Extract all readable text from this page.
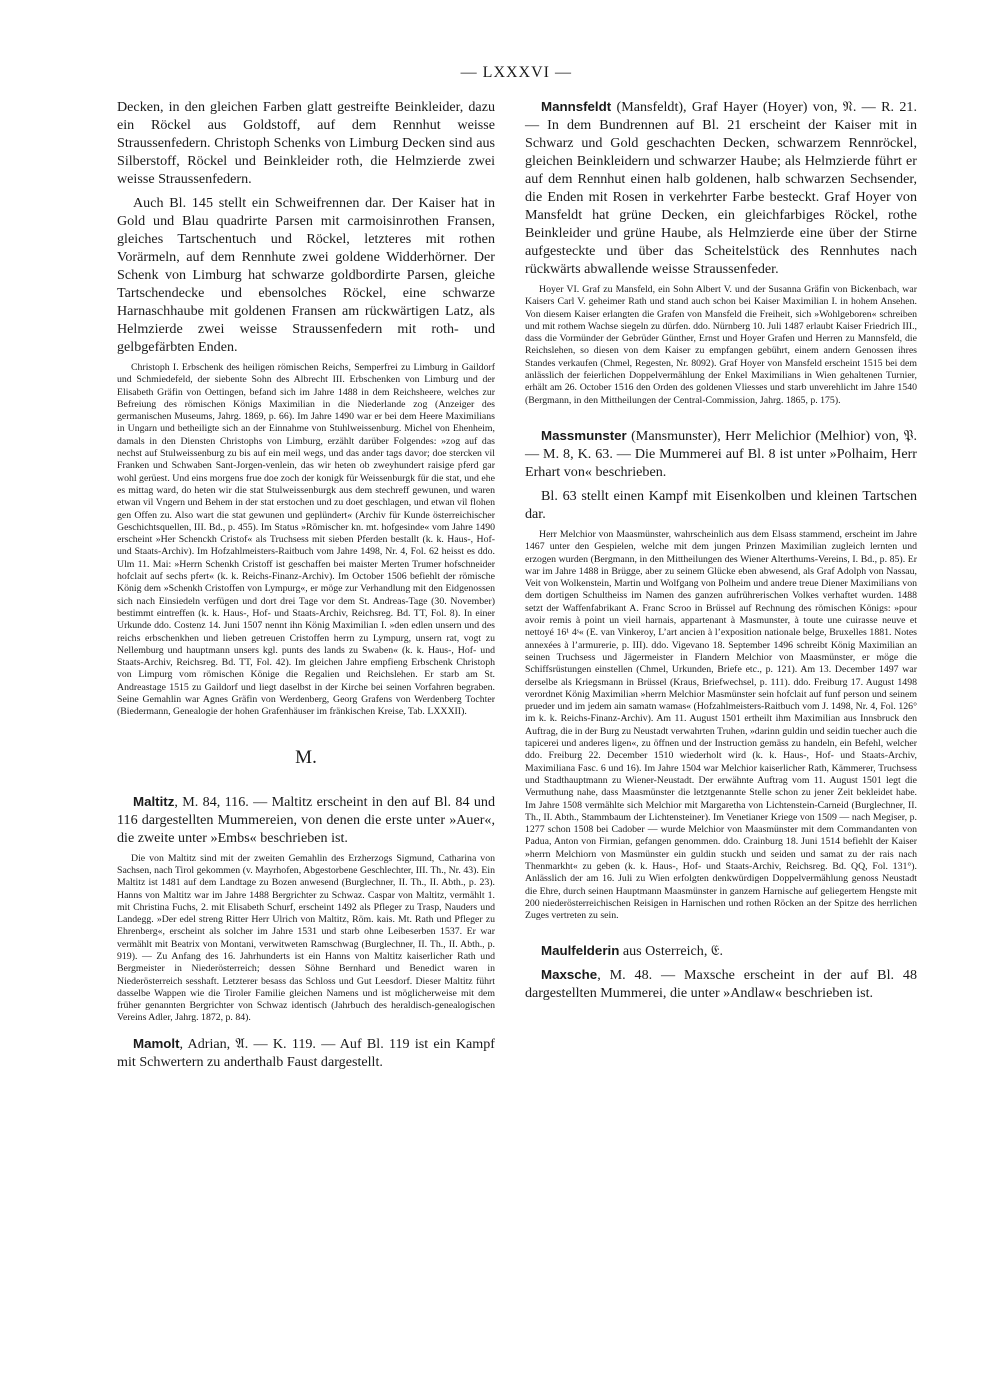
— LXXXVI —

Decken, in den gleichen Farben glatt gestreifte Beinkleider, dazu ein Röckel aus Goldstoff, auf dem Rennhut weisse Straussenfedern. Christoph Schenks von Limburg Decken sind aus Silberstoff, Röckel und Beinkleider roth, die Helmzierde zwei weisse Straussenfedern.

Auch Bl. 145 stellt ein Schweifrennen dar. Der Kaiser hat in Gold und Blau quadrirte Parsen mit carmoisinrothen Fransen, gleiches Tartschentuch und Röckel, letzteres mit rothen Vorärmeln, auf dem Rennhute zwei goldene Widderhörner. Der Schenk von Limburg hat schwarze goldbordirte Parsen, gleiche Tartschendecke und ebensolches Röckel, eine schwarze Harnaschhaube mit goldenen Fransen am rückwärtigen Latz, als Helmzierde zwei weisse Straussenfedern mit roth- und gelbgefärbten Enden.

Christoph I. Erbschenk des heiligen römischen Reichs, Semperfrei zu Limburg in Gaildorf und Schmiedefeld, der siebente Sohn des Albrecht III. Erbschenken von Limburg und der Elisabeth Gräfin von Oettingen, befand sich im Jahre 1488 in dem Reichsheere, welches zur Befreiung des römischen Königs Maximilian in die Niederlande zog (Anzeiger des germanischen Museums, Jahrg. 1869, p. 66). Im Jahre 1490 war er bei dem Heere Maximilians in Ungarn und betheiligte sich an der Einnahme von Stuhlweissenburg. Michel von Ehenheim, damals in den Diensten Christophs von Limburg, erzählt darüber Folgendes: »zog auf das nechst auf Stulweissenburg zu bis auf ein meil wegs, und das ander tags davor; doe stercken vil Franken und Schwaben Sant-Jorgen-venlein, das wir heten ob zweyhundert raisige pferd gar wohl gerüest. Und eins morgens frue doe zoch der konigk für Weissenburgk für die stat, und ehe es mittag ward, do heten wir die stat Stulweissenburgk aus dem stechreff gewunen, und waren etwan vil Vngern und Behem in der stat erstochen und zu doet geschlagen, und etwan vil flohen gen Offen zu. Also wart die stat gewunen und geplündert« (Archiv für Kunde österreichischer Geschichtsquellen, III. Bd., p. 455). Im Status »Römischer kn. mt. hofgesinde« vom Jahre 1490 erscheint »Her Schenckh Cristof« als Truchsess mit sieben Pferden bestallt (k. k. Haus-, Hof- und Staats-Archiv). Im Hofzahlmeisters-Raitbuch vom Jahre 1498, Nr. 4, Fol. 62 heisst es ddo. Ulm 11. Mai: »Herrn Schenkh Cristoff ist geschaffen bei maister Merten Trumer hofschneider hofclait auf sechs pfert« (k. k. Reichs-Finanz-Archiv). Im October 1506 befiehlt der römische König dem »Schenkh Cristoffen von Lympurg«, er möge zur Verhandlung mit den Eidgenossen sich nach Einsiedeln verfügen und dort drei Tage vor dem St. Andreas-Tage (30. November) bestimmt eintreffen (k. k. Haus-, Hof- und Staats-Archiv, Reichsreg. Bd. TT, Fol. 8). In einer Urkunde ddo. Costenz 14. Juni 1507 nennt ihn König Maximilian I. »den edlen unsern und des reichs erbschenkhen und lieben getreuen Cristoffen herrn zu Lympurg, unsern rat, vogt zu Nellemburg und hauptmann unsers kgl. punts des lands zu Swaben« (k. k. Haus-, Hof- und Staats-Archiv, Reichsreg. Bd. TT, Fol. 42). Im gleichen Jahre empfieng Erbschenk Christoph von Limpurg vom römischen Könige die Regalien und Reichslehen. Er starb am St. Andreastage 1515 zu Gaildorf und liegt daselbst in der Kirche bei seinen Vorfahren begraben. Seine Gemahlin war Agnes Gräfin von Werdenberg, Georg Grafens von Werdenberg Tochter (Biedermann, Genealogie der hohen Grafenhäuser im fränkischen Kreise, Tab. LXXXII).

M.

Maltitz, M. 84, 116. — Maltitz erscheint in den auf Bl. 84 und 116 dargestellten Mummereien, von denen die erste unter »Auer«, die zweite unter »Embs« beschrieben ist.

Die von Maltitz sind mit der zweiten Gemahlin des Erzherzogs Sigmund, Catharina von Sachsen, nach Tirol gekommen (v. Mayrhofen, Abgestorbene Geschlechter, III. Th., Nr. 43). Ein Maltitz ist 1481 auf dem Landtage zu Bozen anwesend (Burglechner, II. Th., II. Abth., p. 23). Hanns von Maltitz war im Jahre 1488 Bergrichter zu Schwaz. Caspar von Maltitz, vermählt 1. mit Christina Fuchs, 2. mit Elisabeth Schurf, erscheint 1492 als Pfleger zu Trasp, Nauders und Landegg. »Der edel streng Ritter Herr Ulrich von Maltitz, Röm. kais. Mt. Rath und Pfleger zu Ehrenberg«, erscheint als solcher im Jahre 1531 und starb ohne Leibeserben 1537. Er war vermählt mit Beatrix von Montani, verwitweten Ramschwag (Burglechner, II. Th., II. Abth., p. 919). — Zu Anfang des 16. Jahrhunderts ist ein Hanns von Maltitz kaiserlicher Rath und Bergmeister in Niederösterreich; dessen Söhne Bernhard und Benedict waren in Niederösterreich sesshaft. Letzterer besass das Schloss und Gut Leesdorf. Dieser Maltitz führt dasselbe Wappen wie die Tiroler Familie gleichen Namens und ist möglicherweise mit dem früher genannten Bergrichter von Schwaz identisch (Jahrbuch des heraldisch-genealogischen Vereins Adler, Jahrg. 1872, p. 84).

Mamolt, Adrian, 𝔄. — K. 119. — Auf Bl. 119 ist ein Kampf mit Schwertern zu anderthalb Faust dargestellt.

Mannsfeldt (Mansfeldt), Graf Hayer (Hoyer) von, 𝔑. — R. 21. — In dem Bundrennen auf Bl. 21 erscheint der Kaiser mit in Schwarz und Gold geschachten Decken, schwarzem Rennröckel, gleichen Beinkleidern und schwarzer Haube; als Helmzierde führt er auf dem Rennhut einen halb goldenen, halb schwarzen Sechsender, die Enden mit Rosen in verkehrter Farbe besteckt. Graf Hoyer von Mansfeldt hat grüne Decken, ein gleichfarbiges Röckel, rothe Beinkleider und grüne Haube, als Helmzierde eine über der Stirne aufgesteckte und über das Scheitelstück des Rennhutes nach rückwärts abwallende weisse Straussenfeder.

Hoyer VI. Graf zu Mansfeld, ein Sohn Albert V. und der Susanna Gräfin von Bickenbach, war Kaisers Carl V. geheimer Rath und stand auch schon bei Kaiser Maximilian I. in hohem Ansehen. Von diesem Kaiser erlangten die Grafen von Mansfeld die Freiheit, sich »Wohlgeboren« schreiben und mit rothem Wachse siegeln zu dürfen. ddo. Nürnberg 10. Juli 1487 erlaubt Kaiser Friedrich III., dass die Vormünder der Gebrüder Günther, Ernst und Hoyer Grafen und Herren zu Mannsfeld, die Reichslehen, so diesen von dem Kaiser zu empfangen gebührt, einem andern Genossen ihres Standes verkaufen (Chmel, Regesten, Nr. 8092). Graf Hoyer von Mansfeld erscheint 1515 bei dem anlässlich der feierlichen Doppelvermählung der Enkel Maximilians in Wien gehaltenen Turnier, erhält am 26. October 1516 den Orden des goldenen Vliesses und starb unverehlicht im Jahre 1540 (Bergmann, in den Mittheilungen der Central-Commission, Jahrg. 1865, p. 175).

Massmunster (Mansmunster), Herr Melichior (Melhior) von, 𝔓. — M. 8, K. 63. — Die Mummerei auf Bl. 8 ist unter »Polhaim, Herr Erhart von« beschrieben.

Bl. 63 stellt einen Kampf mit Eisenkolben und kleinen Tartschen dar.

Herr Melchior von Maasmünster, wahrscheinlich aus dem Elsass stammend, erscheint im Jahre 1467 unter den Gespielen, welche mit dem jungen Prinzen Maximilian zugleich lernten und erzogen wurden (Bergmann, in den Mittheilungen des Wiener Alterthums-Vereins, I. Bd., p. 85). Er war im Jahre 1488 in Brügge, aber zu seinem Glücke eben abwesend, als Graf Adolph von Nassau, Veit von Wolkenstein, Martin und Wolfgang von Polheim und andere treue Diener Maximilians von dem dortigen Schultheiss im Namen des ganzen aufrührerischen Volkes verhaftet wurden. 1488 setzt der Waffenfabrikant A. Franc Scroo in Brüssel auf Rechnung des römischen Königs: »pour avoir remis à point un vieil harnais, appartenant à Masmunster, à toute une cuirasse neuve et nettoyé 16¹ 4ˢ« (E. van Vinkeroy, L’art ancien à l’exposition nationale belge, Bruxelles 1881. Notes annexées à l’armurerie, p. III). ddo. Vigevano 18. September 1496 schreibt König Maximilian an seinen Truchsess und Jägermeister in Flandern Melchior von Maasmünster, er möge die Schiffsrüstungen einstellen (Chmel, Urkunden, Briefe etc., p. 121). Am 13. December 1497 war derselbe als Kriegsmann in Brüssel (Kraus, Briefwechsel, p. 111). ddo. Freiburg 17. August 1498 verordnet König Maximilian »herrn Melchior Masmünster sein hofclait auf funf person und seinem prueder und im jedem ain samatn wamas« (Hofzahlmeisters-Raitbuch vom J. 1498, Nr. 4, Fol. 126° im k. k. Reichs-Finanz-Archiv). Am 11. August 1501 ertheilt ihm Maximilian aus Innsbruck den Auftrag, die in der Burg zu Neustadt verwahrten Truhen, »darinn guldin und seidin tuecher auch die tapicerei und anderes ligen«, zu öffnen und der Instruction gemäss zu handeln, ein Befehl, welcher ddo. Freiburg 22. December 1510 wiederholt wird (k. k. Haus-, Hof- und Staats-Archiv, Maximiliana Fasc. 6 und 16). Im Jahre 1504 war Melchior kaiserlicher Rath, Kämmerer, Truchsess und Stadthauptmann zu Wiener-Neustadt. Der erwähnte Auftrag vom 11. August 1501 legt die Vermuthung nahe, dass Maasmünster die letztgenannte Stelle schon zu jener Zeit bekleidet habe. Im Jahre 1508 vermählte sich Melchior mit Margaretha von Lichtenstein-Carneid (Burglechner, II. Th., II. Abth., Stammbaum der Lichtensteiner). Im Venetianer Kriege von 1509 — nach Megiser, p. 1277 schon 1508 bei Cadober — wurde Melchior von Maasmünster mit dem Commandanten von Padua, Anton von Firmian, gefangen genommen. ddo. Crainburg 18. Juni 1514 befiehlt der Kaiser »herrn Melchiorn von Masmünster ein guldin stuckh und seiden und samat zu der rais nach Thenmarkht« zu geben (k. k. Haus-, Hof- und Staats-Archiv, Reichsreg. Bd. QQ, Fol. 131°). Anlässlich der am 16. Juli zu Wien erfolgten denkwürdigen Doppelvermählung genoss Neustadt die Ehre, durch seinen Hauptmann Maasmünster in ganzem Harnische auf geliegertem Hengste mit 200 niederösterreichischen Reisigen in Harnischen und rothen Röcken an der Spitze des herrlichen Zuges vertreten zu sein.

Maulfelderin aus Osterreich, 𝔈.

Maxsche, M. 48. — Maxsche erscheint in der auf Bl. 48 dargestellten Mummerei, die unter »Andlaw« beschrieben ist.
